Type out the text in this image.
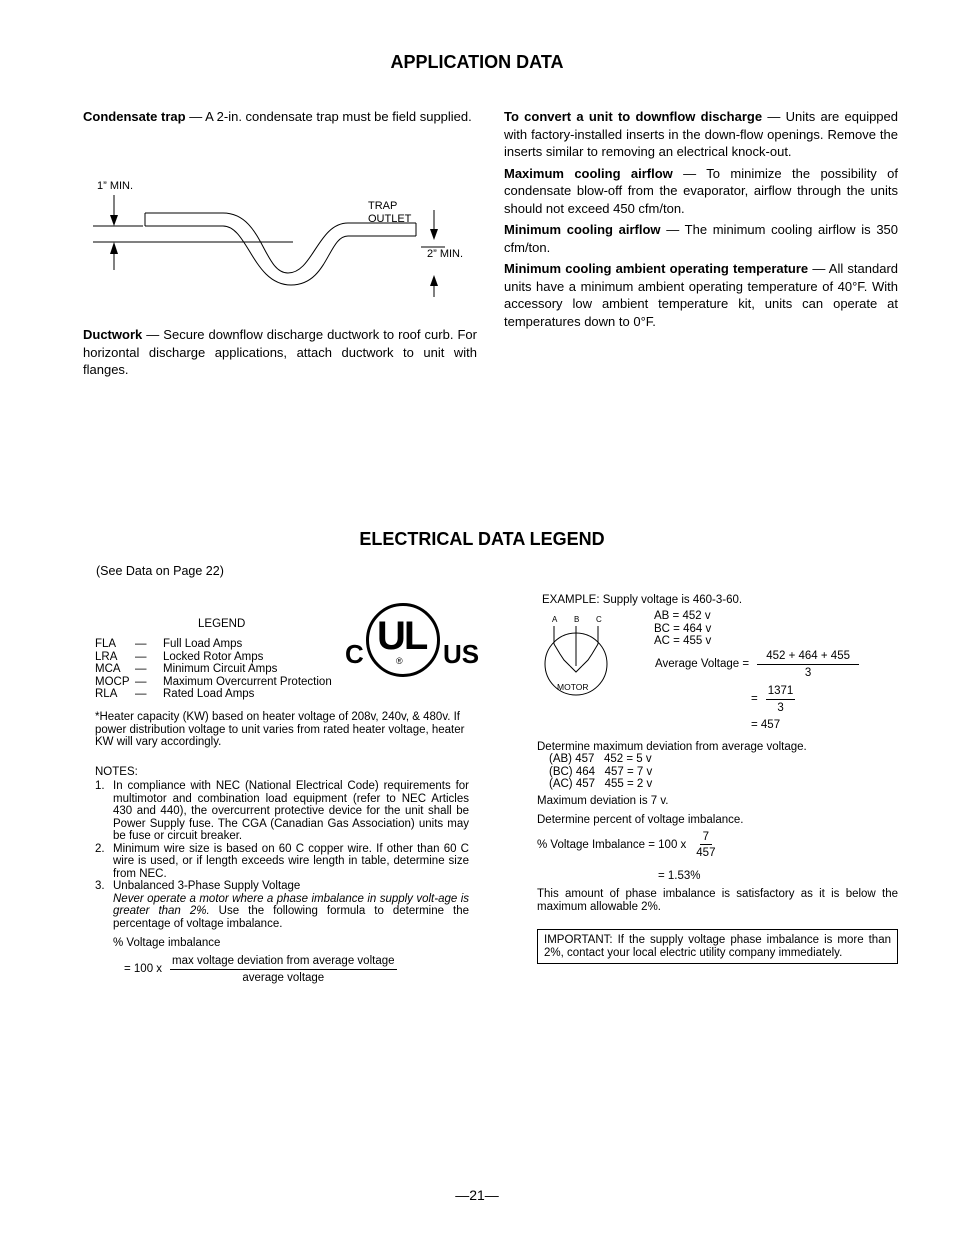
APPLICATION DATA

Condensate trap — A 2-in. condensate trap must be field supplied.

1” MIN.
TRAP
OUTLET
2” MIN.

Ductwork — Secure downflow discharge ductwork to roof curb. For horizontal discharge applications, attach ductwork to unit with flanges.

To convert a unit to downflow discharge — Units are equipped with factory-installed inserts in the down-flow openings. Remove the inserts similar to removing an electrical knock-out.

Maximum cooling airflow — To minimize the possibility of condensate blow-off from the evaporator, airflow through the units should not exceed 450 cfm/ton.

Minimum cooling airflow — The minimum cooling airflow is 350 cfm/ton.

Minimum cooling ambient operating temperature — All standard units have a minimum ambient operating temperature of 40°F. With accessory low ambient temperature kit, units can operate at temperatures down to 0°F.

ELECTRICAL DATA LEGEND
(See Data on Page 22)
LEGEND
FLA	—	Full Load Amps
LRA	—	Locked Rotor Amps
MCA	—	Minimum Circuit Amps
MOCP —	Maximum Overcurrent Protection
RLA	—	Rated Load Amps
C UL
® US
*Heater capacity (KW) based on heater voltage of 208v, 240v, & 480v. If power distribution voltage to unit varies from rated heater voltage, heater KW will vary accordingly.
NOTES:
1. In compliance with NEC (National Electrical Code) requirements for multimotor and combination load equipment (refer to NEC Articles 430 and 440), the overcurrent protective device for the unit shall be Power Supply fuse. The CGA (Canadian Gas Association) units may be fuse or circuit breaker.
2. Minimum wire size is based on 60 C copper wire. If other than 60 C wire is used, or if length exceeds wire length in table, determine size from NEC.
3. Unbalanced 3-Phase Supply Voltage
Never operate a motor where a phase imbalance in supply volt-age is greater than 2%. Use the following formula to determine the percentage of voltage imbalance.
% Voltage imbalance
= 100 x $\frac{\text{max voltage deviation from average voltage}}{\text{average voltage}}$
EXAMPLE: Supply voltage is 460-3-60.
A B C
MOTOR
AB = 452 v
BC = 464 v
AC = 455 v
Average Voltage = $\frac{452 + 464 + 455}{3}$
= $\frac{1371}{3}$
= 457
Determine maximum deviation from average voltage.
(AB) 457   452 = 5 v
(BC) 464   457 = 7 v
(AC) 457   455 = 2 v
Maximum deviation is 7 v.
Determine percent of voltage imbalance.
% Voltage Imbalance = 100 x $\frac{7}{457}$
= 1.53%
This amount of phase imbalance is satisfactory as it is below the maximum allowable 2%.
IMPORTANT: If the supply voltage phase imbalance is more than 2%, contact your local electric utility company immediately.
—21—
